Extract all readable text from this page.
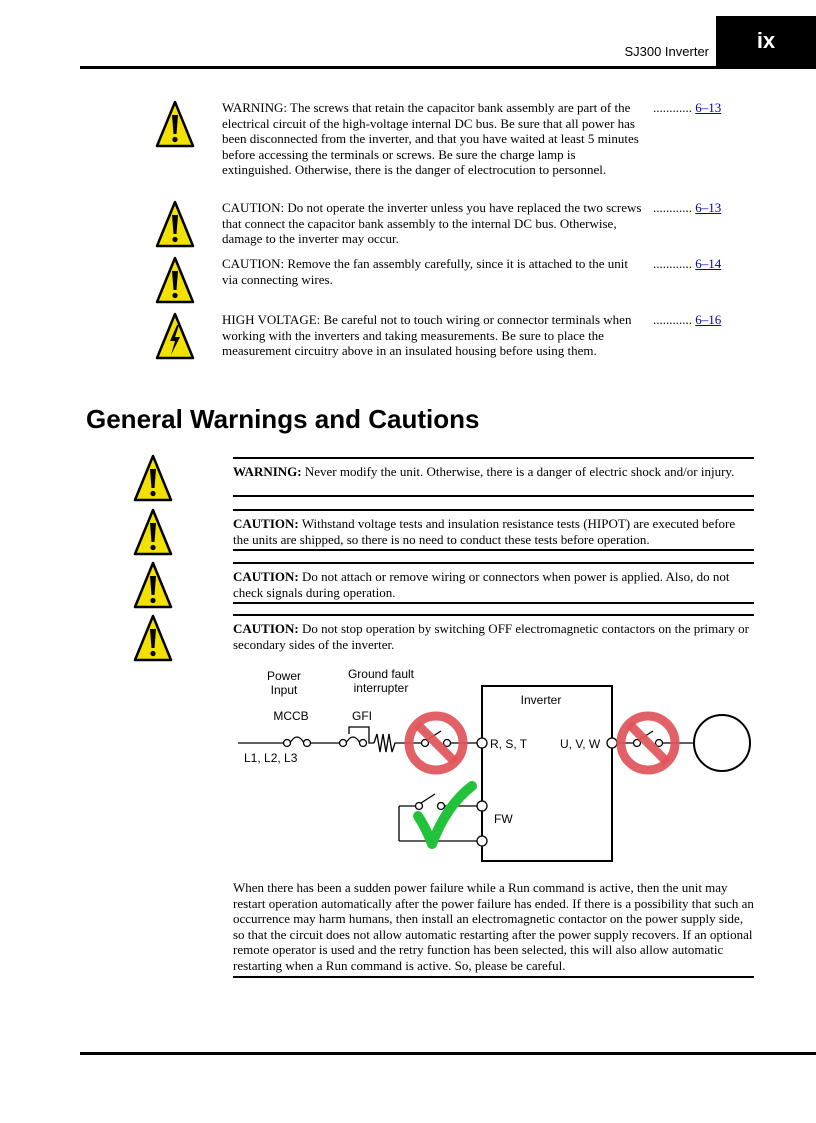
SJ300 Inverter ix
WARNING: The screws that retain the capacitor bank assembly are part of the electrical circuit of the high-voltage internal DC bus. Be sure that all power has been disconnected from the inverter, and that you have waited at least 5 minutes before accessing the terminals or screws. Be sure the charge lamp is extinguished. Otherwise, there is the danger of electrocution to personnel.
............ 6–13
CAUTION: Do not operate the inverter unless you have replaced the two screws that connect the capacitor bank assembly to the internal DC bus. Otherwise, damage to the inverter may occur.
............ 6–13
CAUTION: Remove the fan assembly carefully, since it is attached to the unit via connecting wires.
............ 6–14
HIGH VOLTAGE: Be careful not to touch wiring or connector terminals when working with the inverters and taking measurements. Be sure to place the measurement circuitry above in an insulated housing before using them.
............ 6–16
General Warnings and Cautions
WARNING: Never modify the unit. Otherwise, there is a danger of electric shock and/or injury.
CAUTION: Withstand voltage tests and insulation resistance tests (HIPOT) are executed before the units are shipped, so there is no need to conduct these tests before operation.
CAUTION: Do not attach or remove wiring or connectors when power is applied. Also, do not check signals during operation.
CAUTION: Do not stop operation by switching OFF electromagnetic contactors on the primary or secondary sides of the inverter.
Power
Input
Ground fault
interrupter
MCCB	GFI
Inverter
R, S, T	U, V, W
L1, L2, L3
FW
When there has been a sudden power failure while a Run command is active, then the unit may restart operation automatically after the power failure has ended. If there is a possibility that such an occurrence may harm humans, then install an electromagnetic contactor on the power supply side, so that the circuit does not allow automatic restarting after the power supply recovers. If an optional remote operator is used and the retry function has been selected, this will also allow automatic restarting when a Run command is active. So, please be careful.
